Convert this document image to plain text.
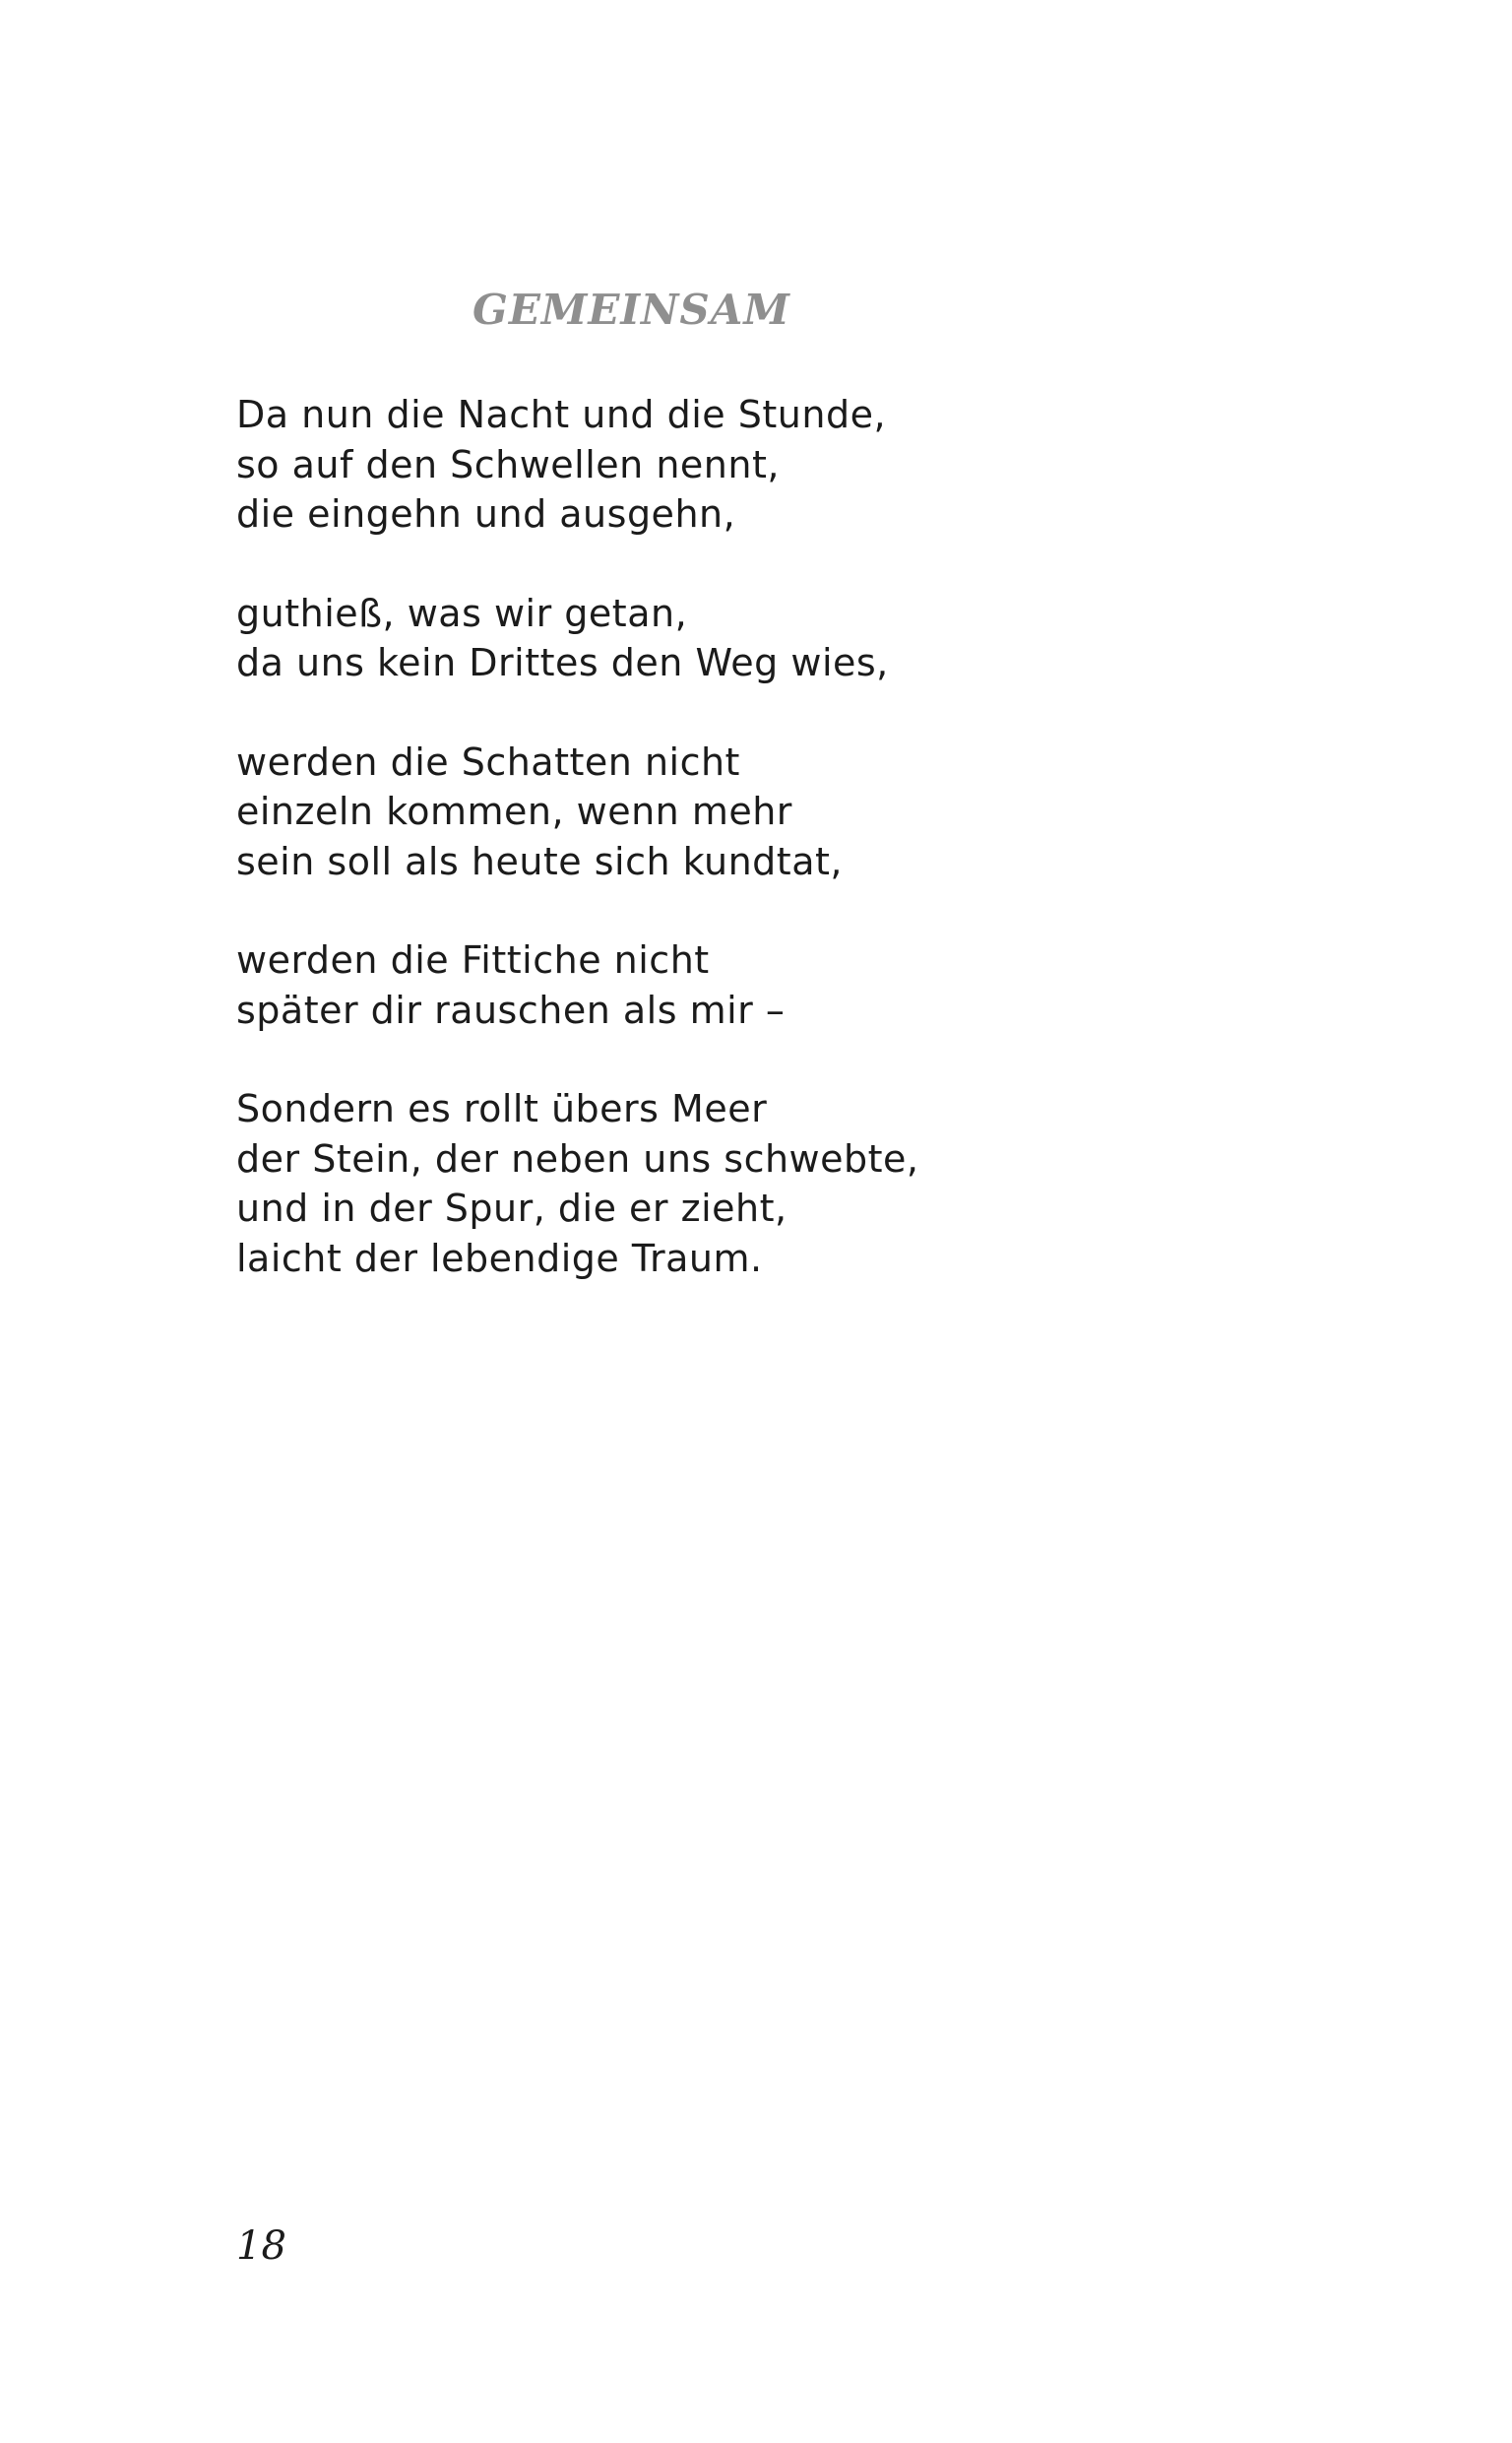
GEMEINSAM
Da nun die Nacht und die Stunde,
so auf den Schwellen nennt,
die eingehn und ausgehn,
guthieß, was wir getan,
da uns kein Drittes den Weg wies,
werden die Schatten nicht
einzeln kommen, wenn mehr
sein soll als heute sich kundtat,
werden die Fittiche nicht
später dir rauschen als mir –
Sondern es rollt übers Meer
der Stein, der neben uns schwebte,
und in der Spur, die er zieht,
laicht der lebendige Traum.

18
